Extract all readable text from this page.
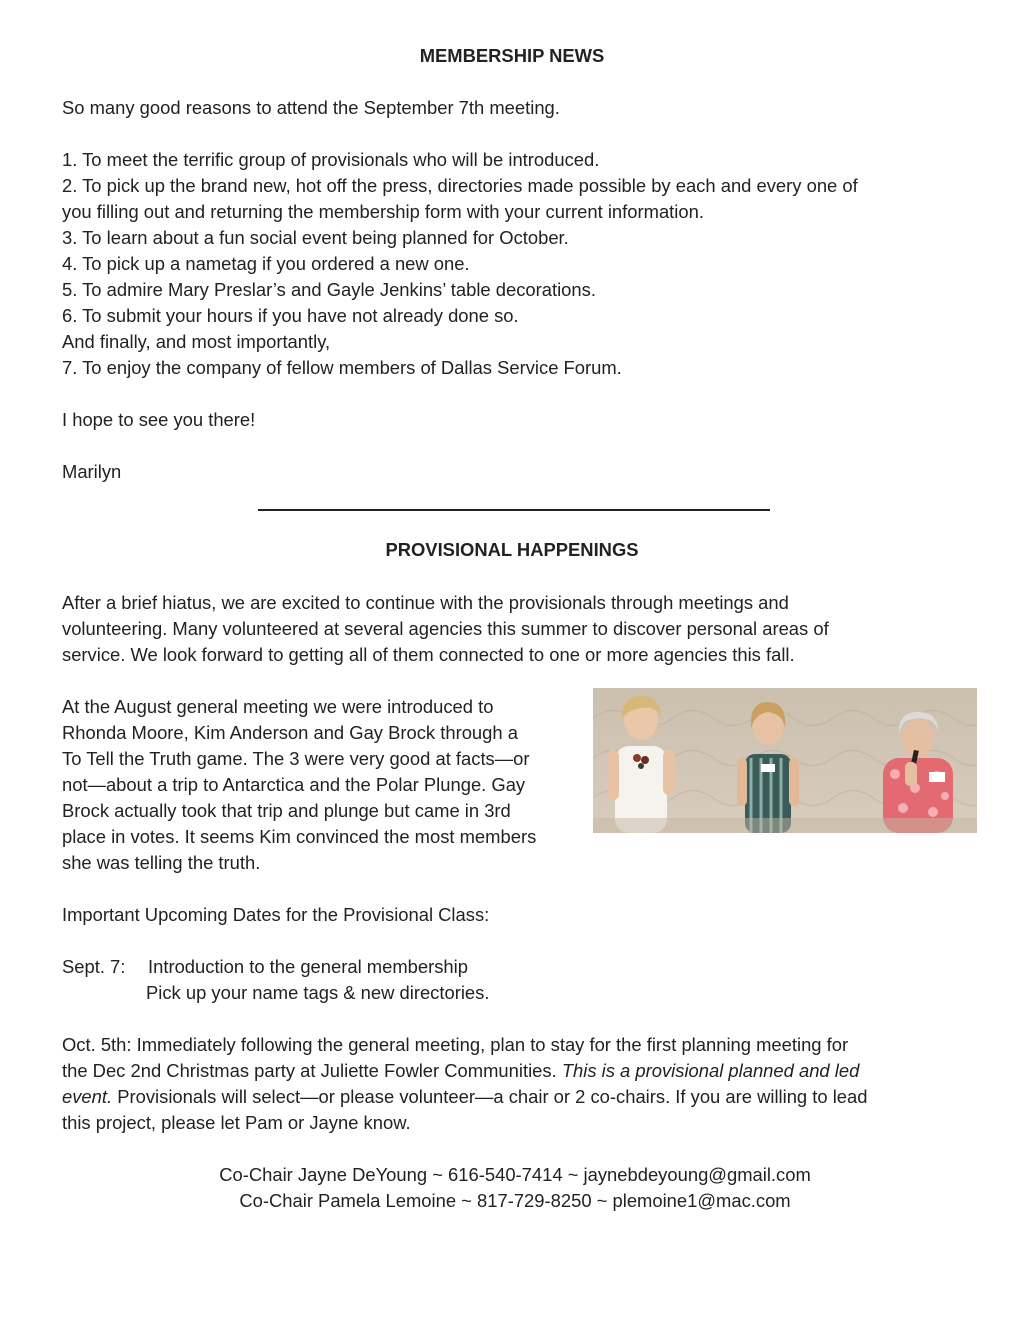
MEMBERSHIP NEWS

So many good reasons to attend the September 7th meeting.

1. To meet the terrific group of provisionals who will be introduced.

2. To pick up the brand new, hot off the press, directories made possible by each and every one of

you filling out and returning the membership form with your current information.

3. To learn about a fun social event being planned for October.

4. To pick up a nametag if you ordered a new one.

5. To admire Mary Preslar’s and Gayle Jenkins’ table decorations.

6. To submit your hours if you have not already done so.

And finally, and most importantly,

7. To enjoy the company of fellow members of Dallas Service Forum.

I hope to see you there!

Marilyn

PROVISIONAL HAPPENINGS

After a brief hiatus, we are excited to continue with the provisionals through meetings and

volunteering. Many volunteered at several agencies this summer to discover personal areas of

service. We look forward to getting all of them connected to one or more agencies this fall.

At the August general meeting we were introduced to

Rhonda Moore, Kim Anderson and Gay Brock through a

To Tell the Truth game. The 3 were very good at facts—or

not—about a trip to Antarctica and the Polar Plunge. Gay

Brock actually took that trip and plunge but came in 3rd

place in votes. It seems Kim convinced the most members

she was telling the truth.

Important Upcoming Dates for the Provisional Class:

Sept. 7: Introduction to the general membership

Pick up your name tags & new directories.

Oct. 5th: Immediately following the general meeting, plan to stay for the first planning meeting for

the Dec 2nd Christmas party at Juliette Fowler Communities. This is a provisional planned and led

event. Provisionals will select—or please volunteer—a chair or 2 co-chairs. If you are willing to lead

this project, please let Pam or Jayne know.

Co-Chair Jayne DeYoung ~ 616-540-7414 ~ jaynebdeyoung@gmail.com

Co-Chair Pamela Lemoine ~ 817-729-8250 ~ plemoine1@mac.com
